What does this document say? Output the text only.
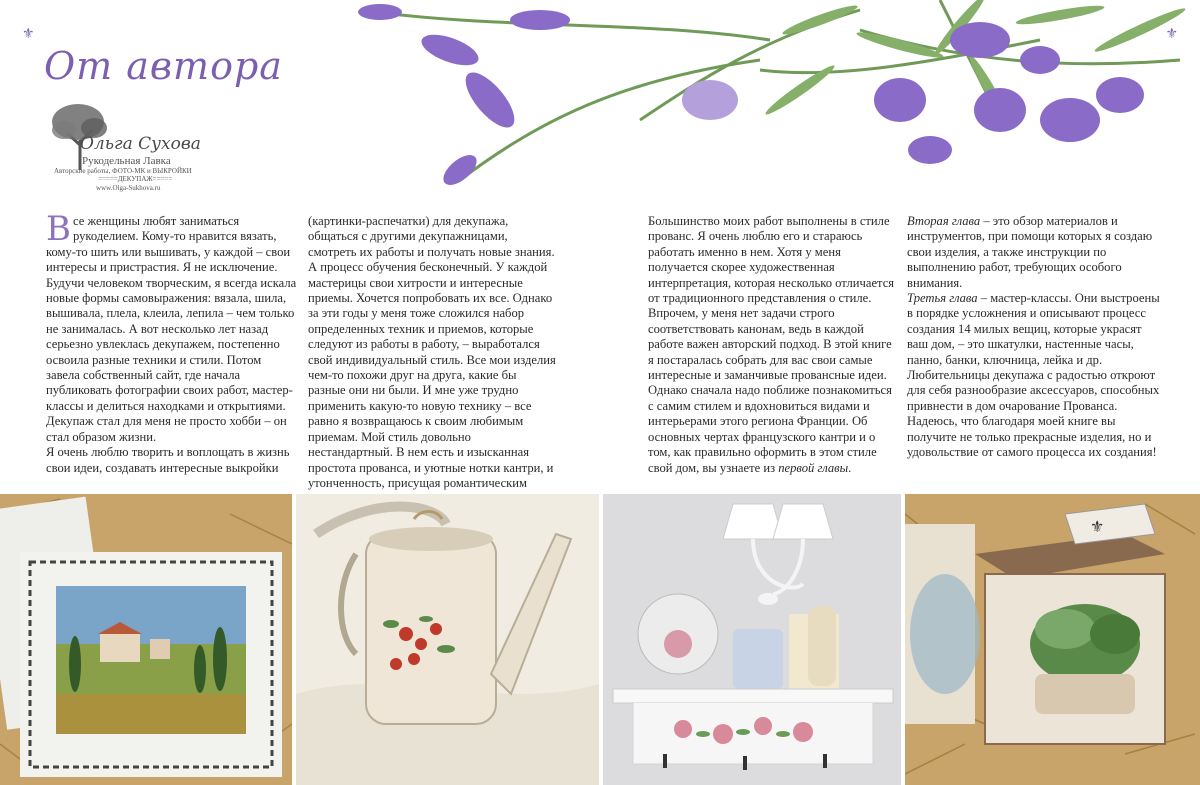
⚜	⚜
От автора
Ольга Сухова
Рукодельная Лавка
Авторские работы, ФОТО-МК и ВЫКРОЙКИ
=====ДЕКУПАЖ=====
www.Olga-Sukhova.ru

Все женщины любят заниматься рукоделием. Кому-то нравится вязать, кому-то шить или вышивать, у каждой – свои интересы и пристрастия. Я не исключение. Будучи человеком творческим, я всегда искала новые формы самовыражения: вязала, шила, вышивала, плела, клеила, лепила – чем только не занималась. А вот несколько лет назад серьезно увлеклась декупажем, постепенно освоила разные техники и стили. Потом завела собственный сайт, где начала публиковать фотографии своих работ, мастер-классы и делиться находками и открытиями. Декупаж стал для меня не просто хобби – он стал образом жизни.

Я очень люблю творить и воплощать в жизнь свои идеи, создавать интересные выкройки

(картинки-распечатки) для декупажа, общаться с другими декупажницами, смотреть их работы и получать новые знания. А процесс обучения бесконечный. У каждой мастерицы свои хитрости и интересные приемы. Хочется попробовать их все. Однако за эти годы у меня тоже сложился набор определенных техник и приемов, которые следуют из работы в работу, – выработался свой индивидуальный стиль. Все мои изделия чем-то похожи друг на друга, какие бы разные они ни были. И мне уже трудно применить какую-то новую технику – все равно я возвращаюсь к своим любимым приемам. Мой стиль довольно нестандартный. В нем есть и изысканная простота прованса, и уютные нотки кантри, и утонченность, присущая романтическим

Большинство моих работ выполнены в стиле прованс. Я очень люблю его и стараюсь работать именно в нем. Хотя у меня получается скорее художественная интерпретация, которая несколько отличается от традиционного представления о стиле. Впрочем, у меня нет задачи строго соответствовать канонам, ведь в каждой работе важен авторский подход. В этой книге я постаралась собрать для вас свои самые интересные и заманчивые провансные идеи. Однако сначала надо поближе познакомиться с самим стилем и вдохновиться видами и интерьерами этого региона Франции. Об основных чертах французского кантри и о том, как правильно оформить в этом стиле свой дом, вы узнаете из первой главы.

Вторая глава – это обзор материалов и инструментов, при помощи которых я создаю свои изделия, а также инструкции по выполнению работ, требующих особого внимания.

Третья глава – мастер-классы. Они выстроены в порядке усложнения и описывают процесс создания 14 милых вещиц, которые украсят ваш дом, – это шкатулки, настенные часы, панно, банки, ключница, лейка и др. Любительницы декупажа с радостью откроют для себя разнообразие аксессуаров, способных привнести в дом очарование Прованса. Надеюсь, что благодаря моей книге вы получите не только прекрасные изделия, но и удовольствие от самого процесса их создания!

⚜
